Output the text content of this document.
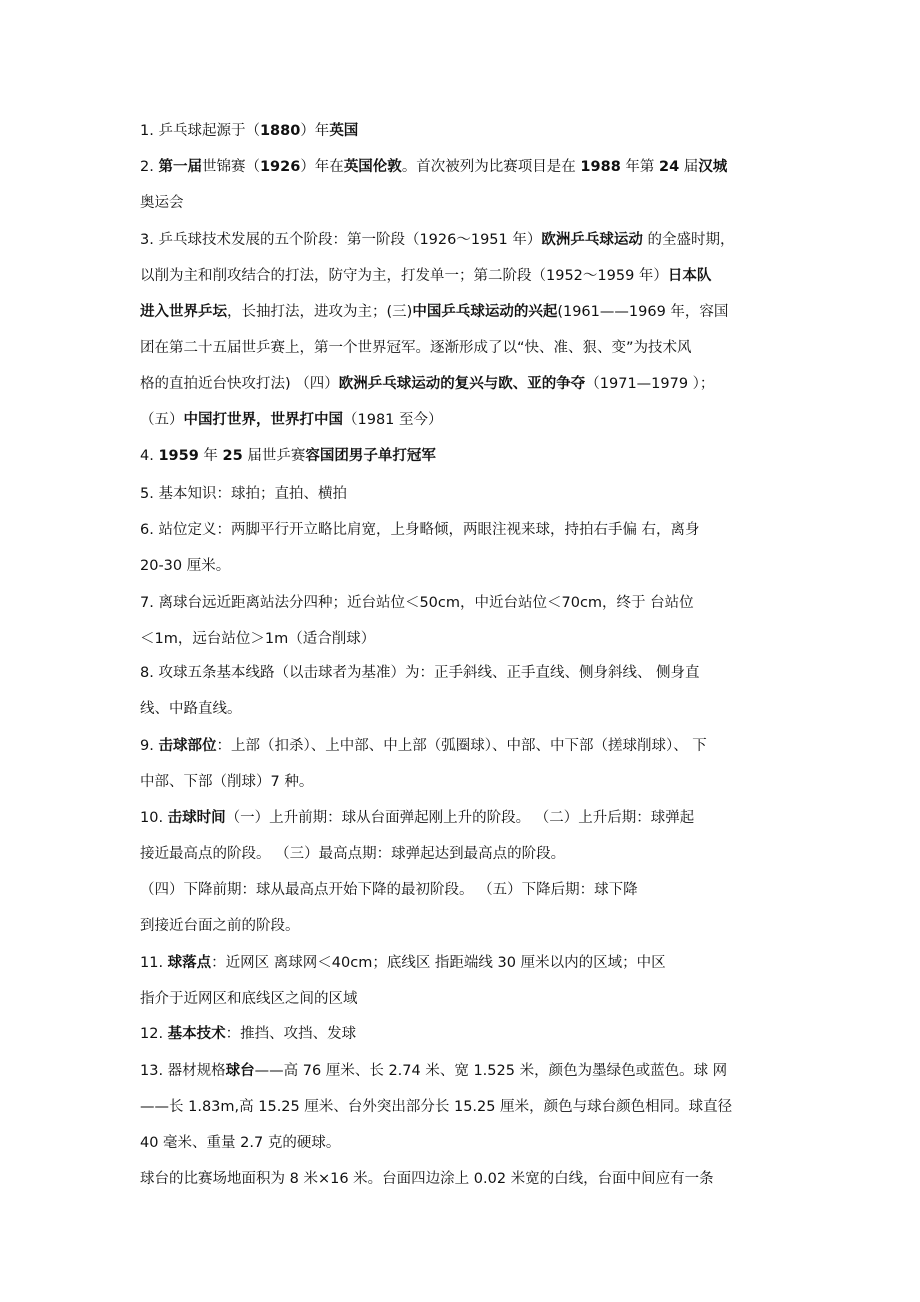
1. 乒乓球起源于（1880）年英国
2. 第一届世锦赛（1926）年在英国伦敦。首次被列为比赛项目是在 1988 年第 24 届汉城
奥运会
3. 乒乓球技术发展的五个阶段：第一阶段（1926～1951 年）欧洲乒乓球运动 的全盛时期，
以削为主和削攻结合的打法，防守为主，打发单一；第二阶段（1952～1959 年）日本队
进入世界乒坛，长抽打法，进攻为主；(三)中国乒乓球运动的兴起(1961——1969 年，容国
团在第二十五届世乒赛上，第一个世界冠军。逐渐形成了以“快、准、狠、变”为技术风
格的直拍近台快攻打法) （四）欧洲乒乓球运动的复兴与欧、亚的争夺（1971—1979 ）；
（五）中国打世界，世界打中国（1981 至今）
4. 1959 年 25 届世乒赛容国团男子单打冠军
5. 基本知识：球拍；直拍、横拍
6. 站位定义：两脚平行开立略比肩宽，上身略倾，两眼注视来球，持拍右手偏 右，离身
20-30 厘米。
7. 离球台远近距离站法分四种；近台站位＜50cm，中近台站位＜70cm，终于 台站位
＜1m，远台站位＞1m（适合削球）
8. 攻球五条基本线路（以击球者为基准）为：正手斜线、正手直线、侧身斜线、 侧身直
线、中路直线。
9. 击球部位：上部（扣杀）、上中部、中上部（弧圈球）、中部、中下部（搓球削球）、 下
中部、下部（削球）7 种。
10. 击球时间（一）上升前期：球从台面弹起刚上升的阶段。 （二）上升后期：球弹起
接近最高点的阶段。 （三）最高点期：球弹起达到最高点的阶段。
（四）下降前期：球从最高点开始下降的最初阶段。 （五）下降后期：球下降
到接近台面之前的阶段。
11. 球落点：近网区 离球网＜40cm；底线区 指距端线 30 厘米以内的区域；中区
指介于近网区和底线区之间的区域
12. 基本技术：推挡、攻挡、发球
13. 器材规格球台——高 76 厘米、长 2.74 米、宽 1.525 米，颜色为墨绿色或蓝色。球 网
——长 1.83m,高 15.25 厘米、台外突出部分长 15.25 厘米，颜色与球台颜色相同。球直径
40 毫米、重量 2.7 克的硬球。
球台的比赛场地面积为 8 米×16 米。台面四边涂上 0.02 米宽的白线，台面中间应有一条
